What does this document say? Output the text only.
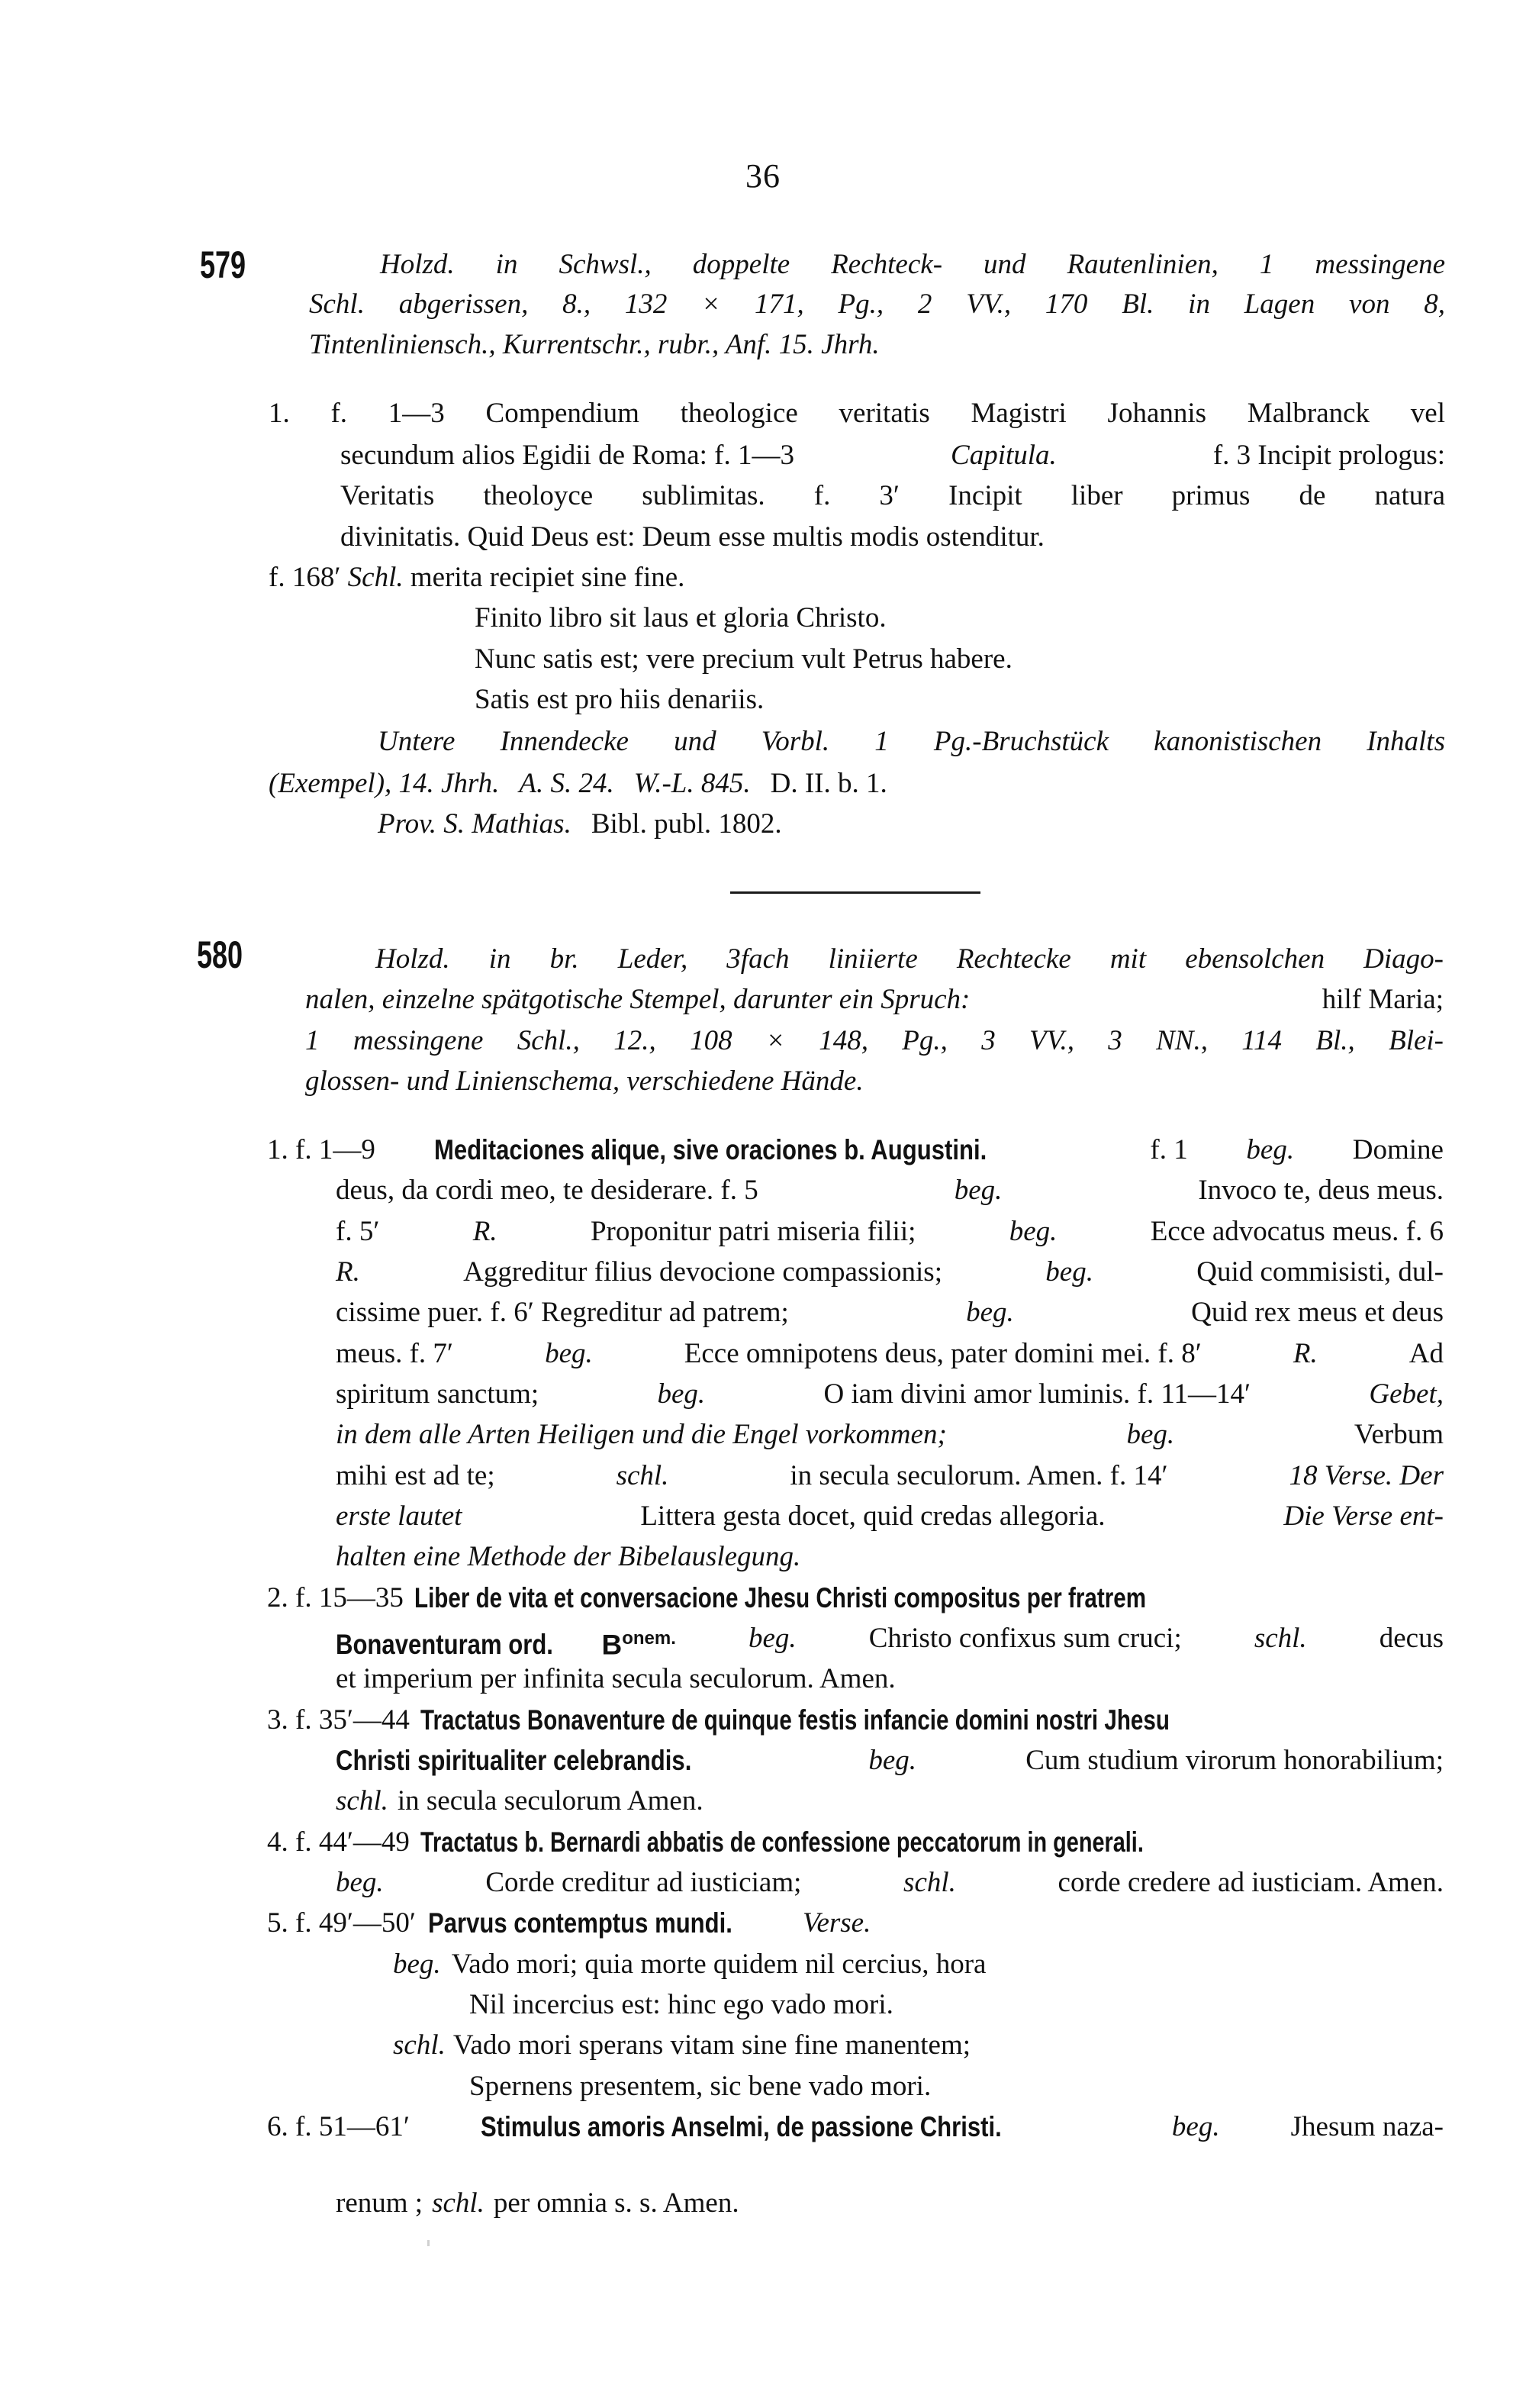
36
579	Holzd. in Schwsl., doppelte Rechteck- und Rautenlinien, 1 messingene
Schl. abgerissen, 8., 132 × 171, Pg., 2 VV., 170 Bl. in Lagen von 8,
Tintenliniensch., Kurrentschr., rubr., Anf. 15. Jhrh.
1. f. 1—3 Compendium theologice veritatis Magistri Johannis Malbranck vel
secundum alios Egidii de Roma: f. 1—3	Capitula.	f. 3 Incipit prologus:
Veritatis theoloyce sublimitas. f. 3′ Incipit liber primus de natura
divinitatis. Quid Deus est: Deum esse multis modis ostenditur.
f. 168′ Schl. merita recipiet sine fine.
Finito libro sit laus et gloria Christo.
Nunc satis est; vere precium vult Petrus habere.
Satis est pro hiis denariis.
Untere Innendecke und Vorbl. 1 Pg.-Bruchstück kanonistischen Inhalts
(Exempel), 14. Jhrh. A. S. 24. W.-L. 845. D. II. b. 1.
Prov. S. Mathias. Bibl. publ. 1802.
580	Holzd. in br. Leder, 3fach liniierte Rechtecke mit ebensolchen Diago-
nalen, einzelne spätgotische Stempel, darunter ein Spruch:	hilf Maria;
1 messingene Schl., 12., 108 × 148, Pg., 3 VV., 3 NN., 114 Bl., Blei-
glossen- und Linienschema, verschiedene Hände.
1. f. 1—9 Meditaciones alique, sive oraciones b. Augustini.	f. 1 beg. Domine
deus, da cordi meo, te desiderare. f. 5	beg.	Invoco te, deus meus.
f. 5′	R.	Proponitur patri miseria filii;	beg.	Ecce advocatus meus. f. 6
R.	Aggreditur filius devocione compassionis;	beg.	Quid commisisti, dul-
cissime puer. f. 6′ Regreditur ad patrem;	beg.	Quid rex meus et deus
meus. f. 7′	beg.	Ecce omnipotens deus, pater domini mei. f. 8′	R.	Ad
spiritum sanctum;	beg.	O iam divini amor luminis. f. 11—14′	Gebet,
in dem alle Arten Heiligen und die Engel vorkommen;	beg.	Verbum
mihi est ad te;	schl.	in secula seculorum. Amen. f. 14′	18 Verse. Der
erste lautet	Littera gesta docet, quid credas allegoria.	Die Verse ent-
halten eine Methode der Bibelauslegung.
2. f. 15—35 Liber de vita et conversacione Jhesu Christi compositus per fratrem
Bonaventuram ord. $B^{onem.}$	beg.	Christo confixus sum cruci;	schl.	decus
et imperium per infinita secula seculorum. Amen.
3. f. 35′—44 Tractatus Bonaventure de quinque festis infancie domini nostri Jhesu
Christi spiritualiter celebrandis.	beg.	Cum studium virorum honorabilium;
schl. in secula seculorum Amen.
4. f. 44′—49 Tractatus b. Bernardi abbatis de confessione peccatorum in generali.
beg.	Corde creditur ad iusticiam;	schl.	corde credere ad iusticiam. Amen.
5. f. 49′—50′ Parvus contemptus mundi. Verse.
beg. Vado mori; quia morte quidem nil cercius, hora
Nil incercius est: hinc ego vado mori.
schl. Vado mori sperans vitam sine fine manentem;
Spernens presentem, sic bene vado mori.
6. f. 51—61′	Stimulus amoris Anselmi, de passione Christi.	beg.	Jhesum naza-
renum ; schl. per omnia s. s. Amen.
